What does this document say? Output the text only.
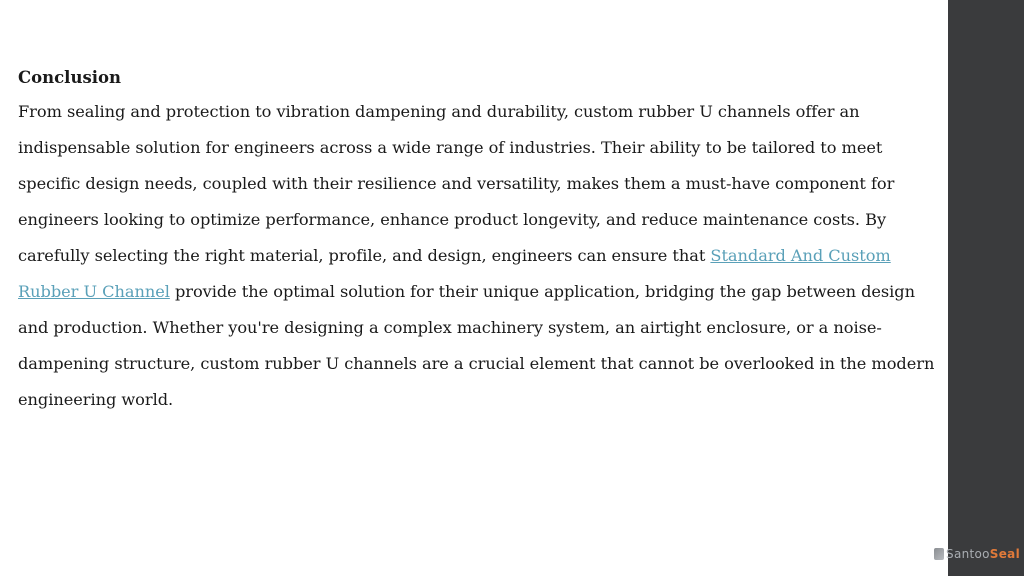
Conclusion

From sealing and protection to vibration dampening and durability, custom rubber U channels offer an indispensable solution for engineers across a wide range of industries. Their ability to be tailored to meet specific design needs, coupled with their resilience and versatility, makes them a must-have component for engineers looking to optimize performance, enhance product longevity, and reduce maintenance costs. By carefully selecting the right material, profile, and design, engineers can ensure that Standard And Custom Rubber U Channel provide the optimal solution for their unique application, bridging the gap between design and production. Whether you're designing a complex machinery system, an airtight enclosure, or a noise-dampening structure, custom rubber U channels are a crucial element that cannot be overlooked in the modern engineering world.

Santoo Seal
